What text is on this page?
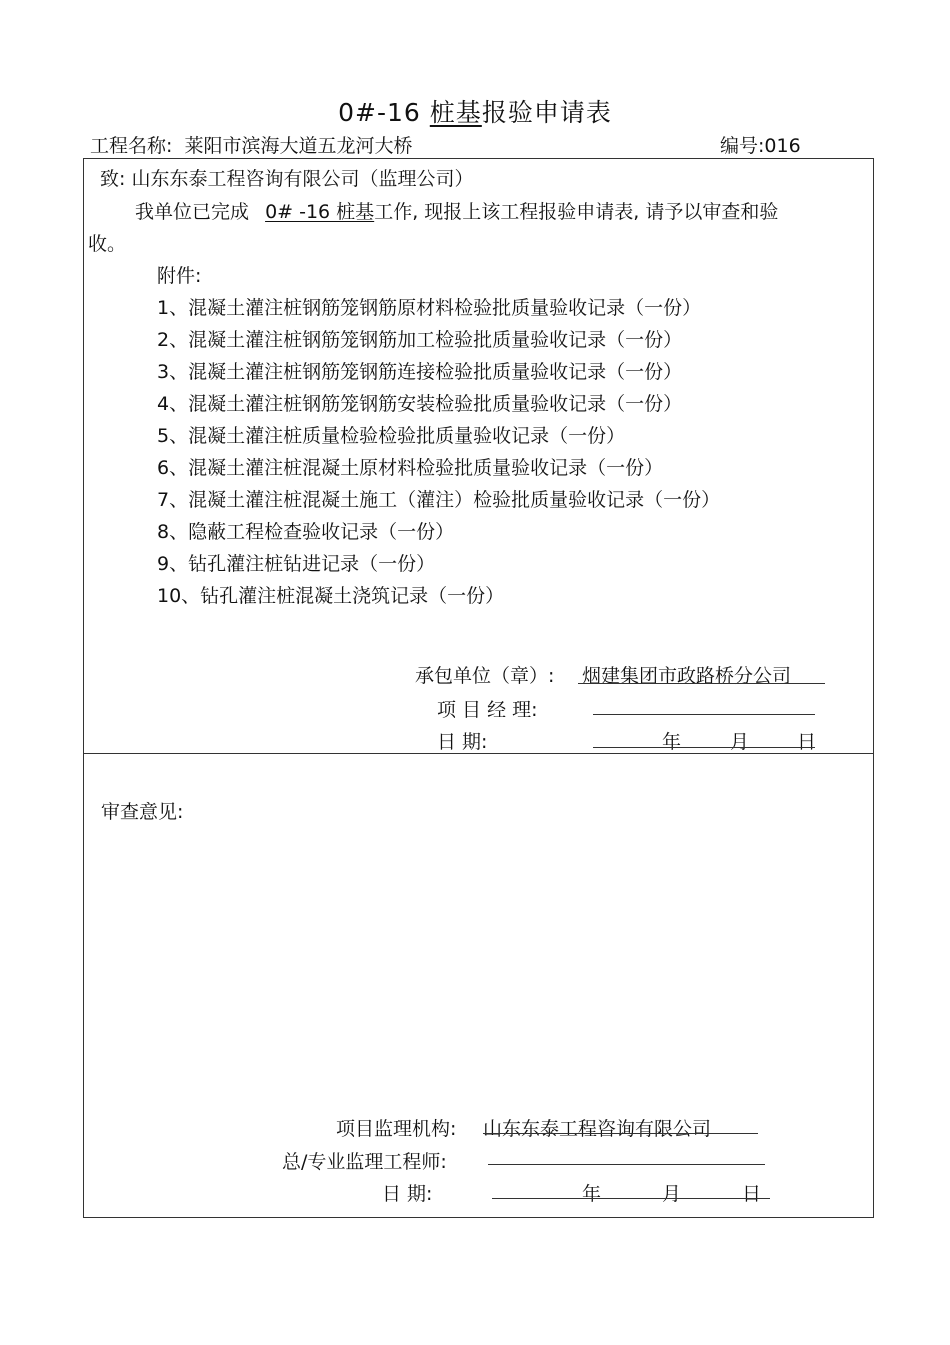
0#-16 桩基报验申请表
工程名称: 莱阳市滨海大道五龙河大桥	编号:016
致: 山东东泰工程咨询有限公司（监理公司）
我单位已完成 0# -16 桩基工作, 现报上该工程报验申请表, 请予以审查和验
收。
附件:
1、混凝土灌注桩钢筋笼钢筋原材料检验批质量验收记录（一份）
2、混凝土灌注桩钢筋笼钢筋加工检验批质量验收记录（一份）
3、混凝土灌注桩钢筋笼钢筋连接检验批质量验收记录（一份）
4、混凝土灌注桩钢筋笼钢筋安装检验批质量验收记录（一份）
5、混凝土灌注桩质量检验检验批质量验收记录（一份）
6、混凝土灌注桩混凝土原材料检验批质量验收记录（一份）
7、混凝土灌注桩混凝土施工（灌注）检验批质量验收记录（一份）
8、隐蔽工程检查验收记录（一份）
9、钻孔灌注桩钻进记录（一份）
10、钻孔灌注桩混凝土浇筑记录（一份）
承包单位（章）: 烟建集团市政路桥分公司
项 目 经 理:
日 期:	年	月	日
审查意见:
项目监理机构: 山东东泰工程咨询有限公司
总/专业监理工程师:
日 期:	年	月	日
